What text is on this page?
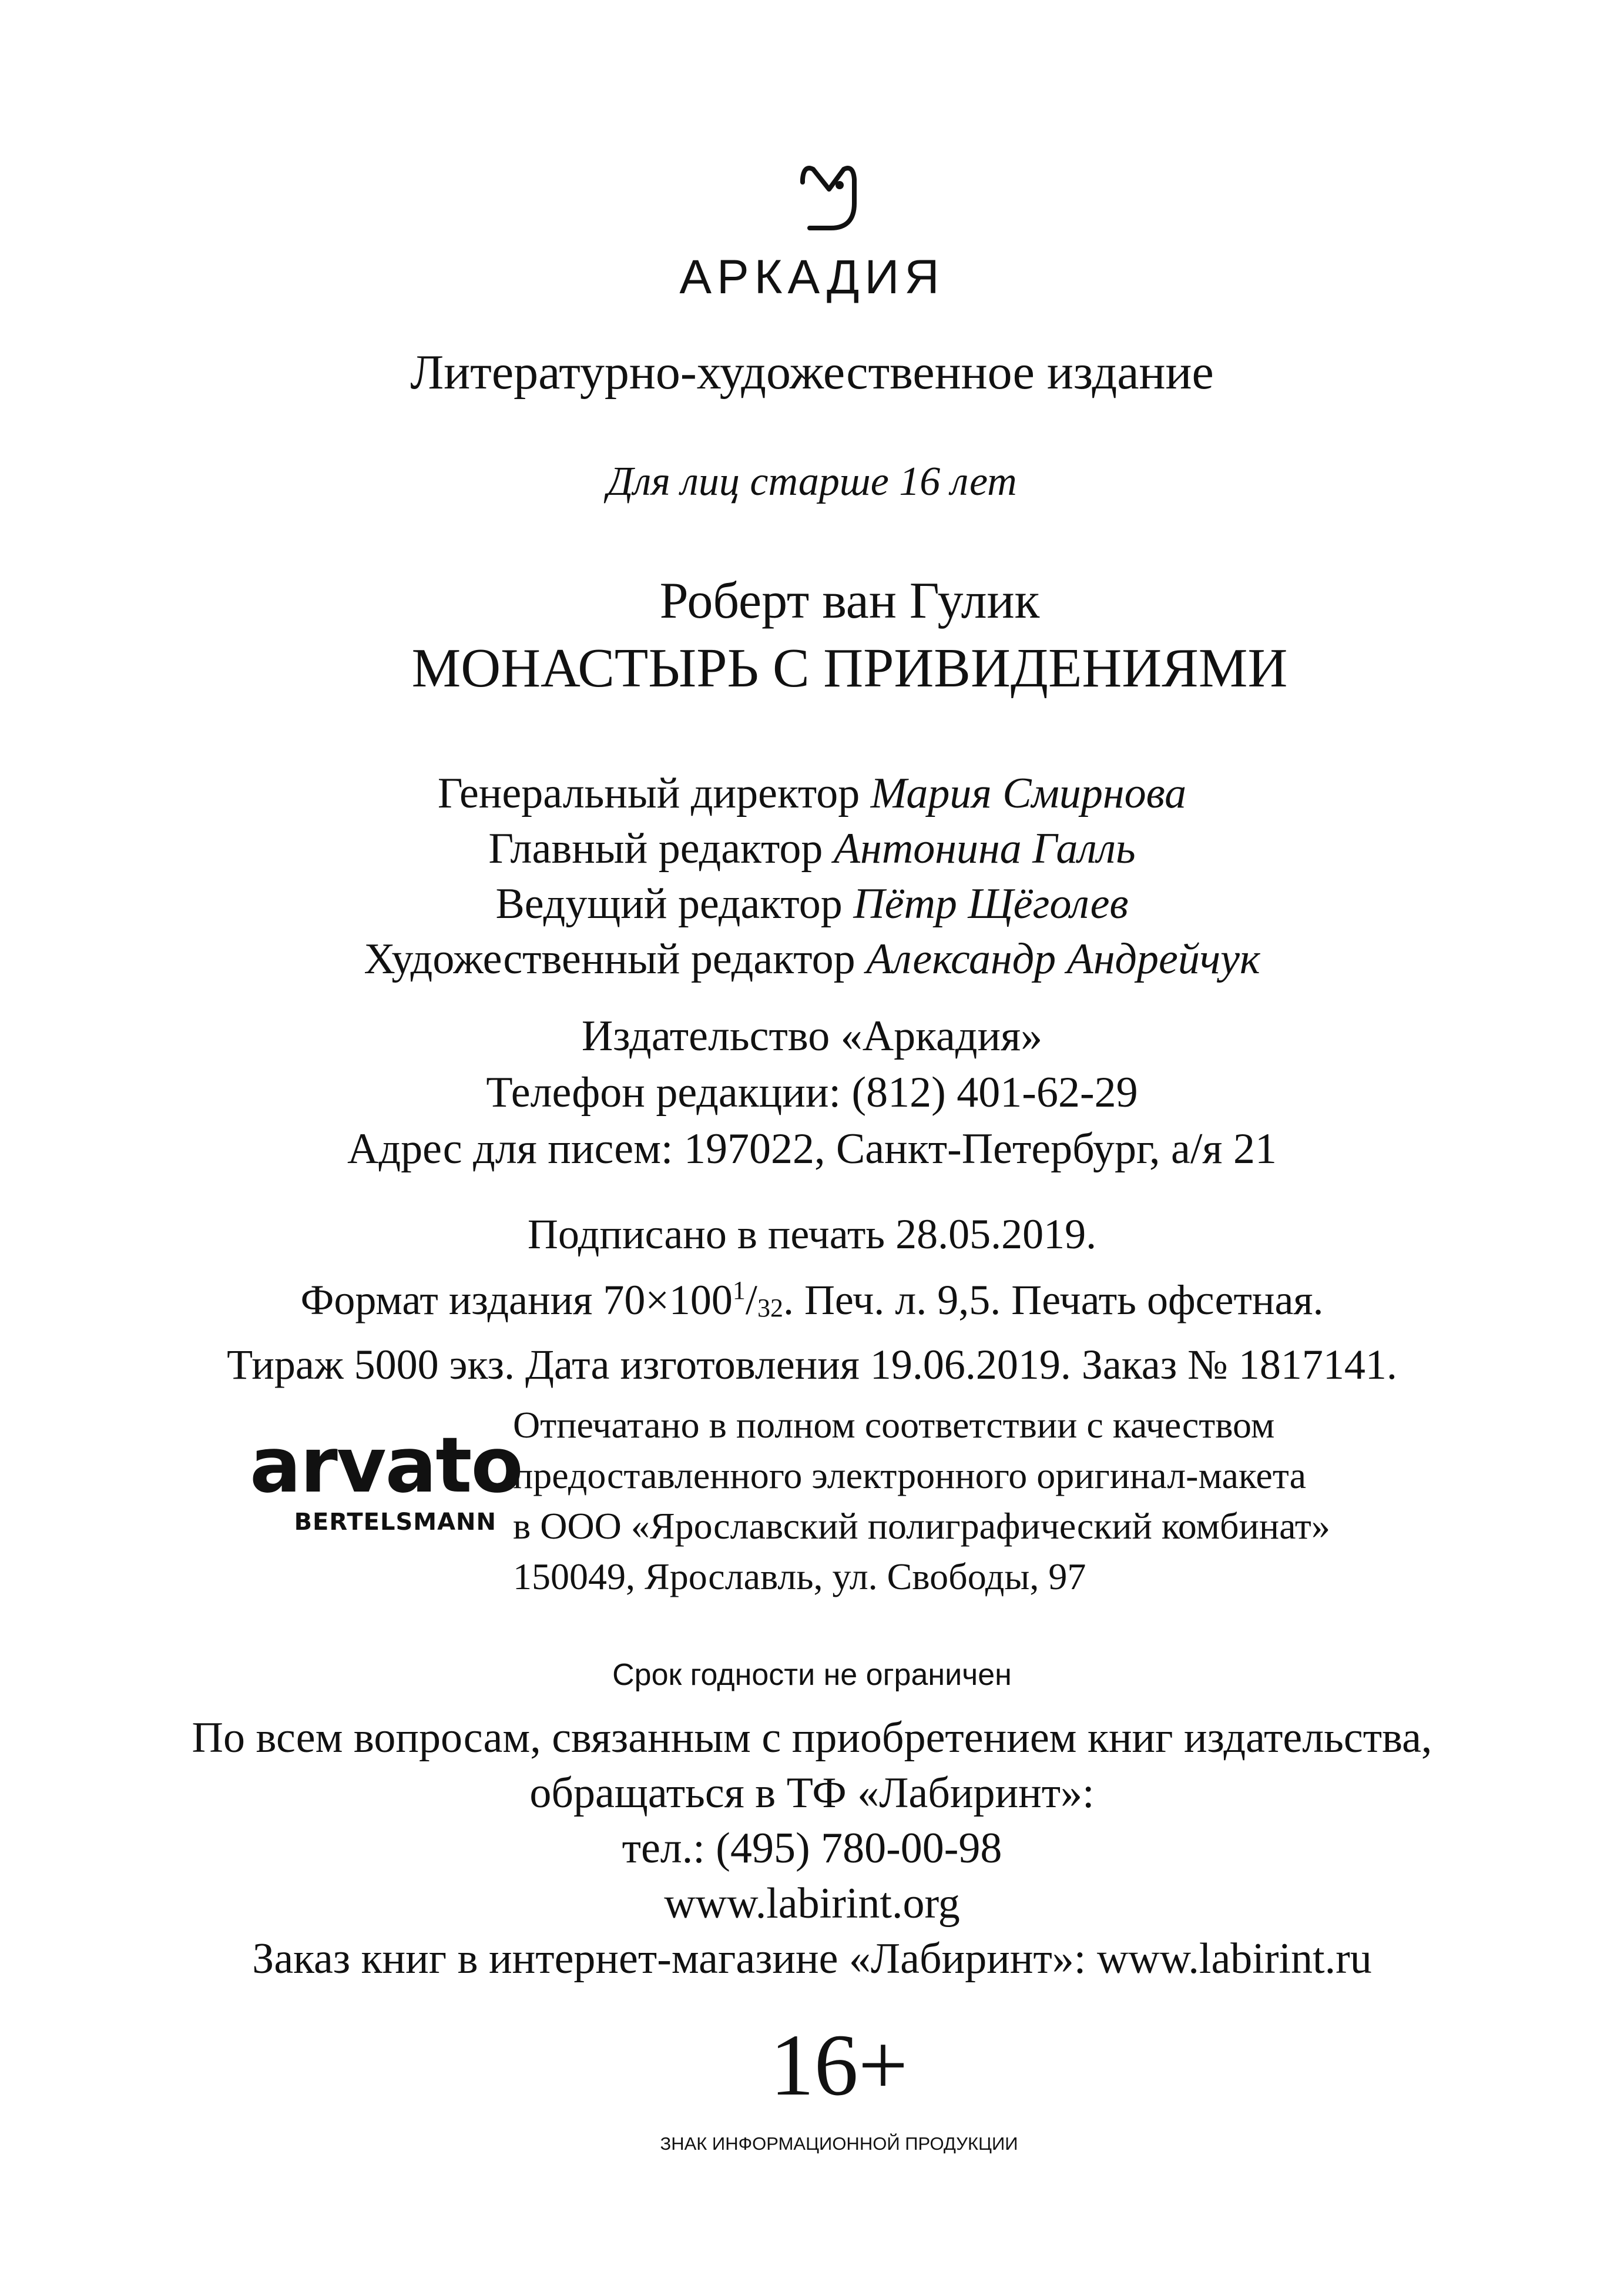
АРКАДИЯ
Литературно-художественное издание
Для лиц старше 16 лет
Роберт ван Гулик
МОНАСТЫРЬ С ПРИВИДЕНИЯМИ
Генеральный директор Мария Смирнова
Главный редактор Антонина Галль
Ведущий редактор Пётр Щёголев
Художественный редактор Александр Андрейчук
Издательство «Аркадия»
Телефон редакции: (812) 401-62-29
Адрес для писем: 197022, Санкт-Петербург, а/я 21
Подписано в печать 28.05.2019.
Формат издания $70\times 100^1/_{32}$. Печ. л. 9,5. Печать офсетная.
Тираж 5000 экз. Дата изготовления 19.06.2019. Заказ № 1817141.
arvato
BERTELSMANN
Отпечатано в полном соответствии с качеством
предоставленного электронного оригинал-макета
в ООО «Ярославский полиграфический комбинат»
150049, Ярославль, ул. Свободы, 97
Срок годности не ограничен
По всем вопросам, связанным с приобретением книг издательства,
обращаться в ТФ «Лабиринт»:
тел.: (495) 780-00-98
www.labirint.org
Заказ книг в интернет-магазине «Лабиринт»: www.labirint.ru
16+
ЗНАК ИНФОРМАЦИОННОЙ ПРОДУКЦИИ
